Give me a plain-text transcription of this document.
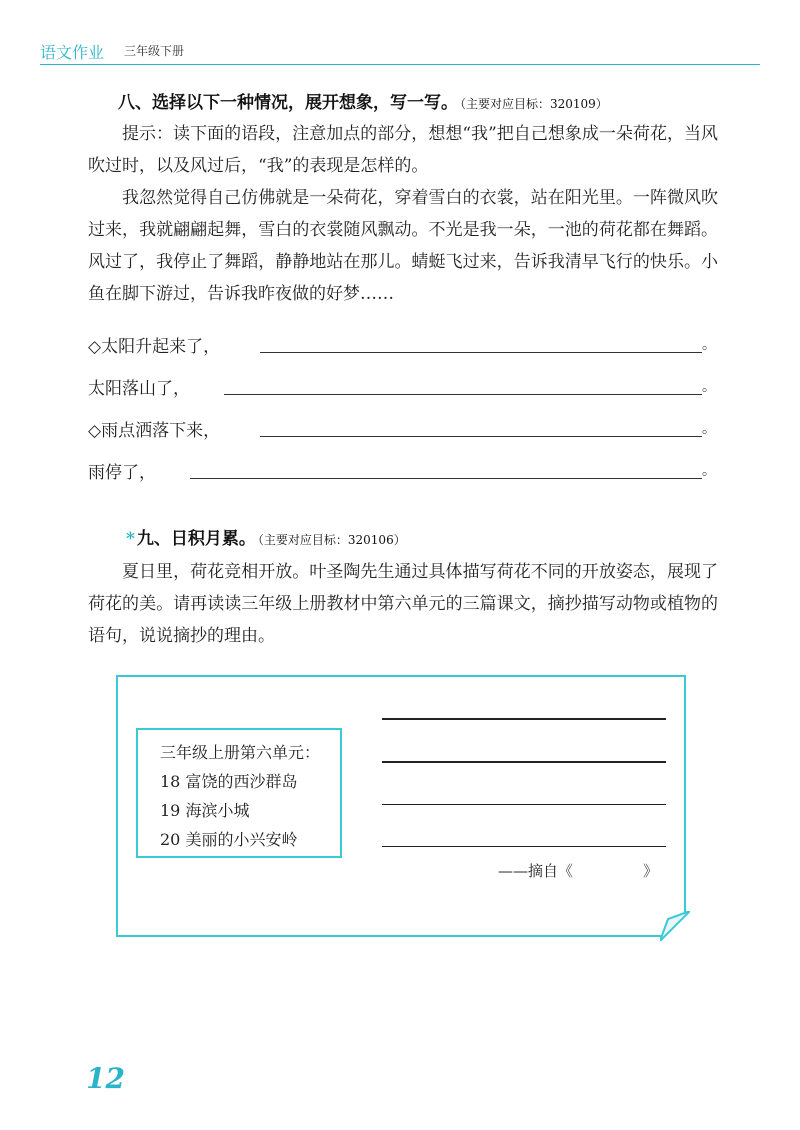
语文作业 三年级下册
八、选择以下一种情况，展开想象，写一写。 （主要对应目标：320109）
提示：读下面的语段，注意加点的部分，想想“我”把自己想象成一朵荷花，当风吹过时，以及风过后，“我”的表现是怎样的。
我忽然觉得自己仿佛就是一朵荷花，穿着雪白的衣裳，站在阳光里。一阵微风吹过来，我就翩翩起舞，雪白的衣裳随风飘动。不光是我一朵，一池的荷花都在舞蹈。风过了，我停止了舞蹈，静静地站在那儿。蜻蜓飞过来，告诉我清早飞行的快乐。小鱼在脚下游过，告诉我昨夜做的好梦……
◇太阳升起来了，	。
太阳落山了，	。
◇雨点洒落下来，	。
雨停了，	。
* 九、日积月累。 （主要对应目标：320106）
夏日里，荷花竞相开放。叶圣陶先生通过具体描写荷花不同的开放姿态，展现了荷花的美。请再读读三年级上册教材中第六单元的三篇课文，摘抄描写动物或植物的语句，说说摘抄的理由。
三年级上册第六单元：
18 富饶的西沙群岛
19 海滨小城
20 美丽的小兴安岭
——摘自《	》
12
